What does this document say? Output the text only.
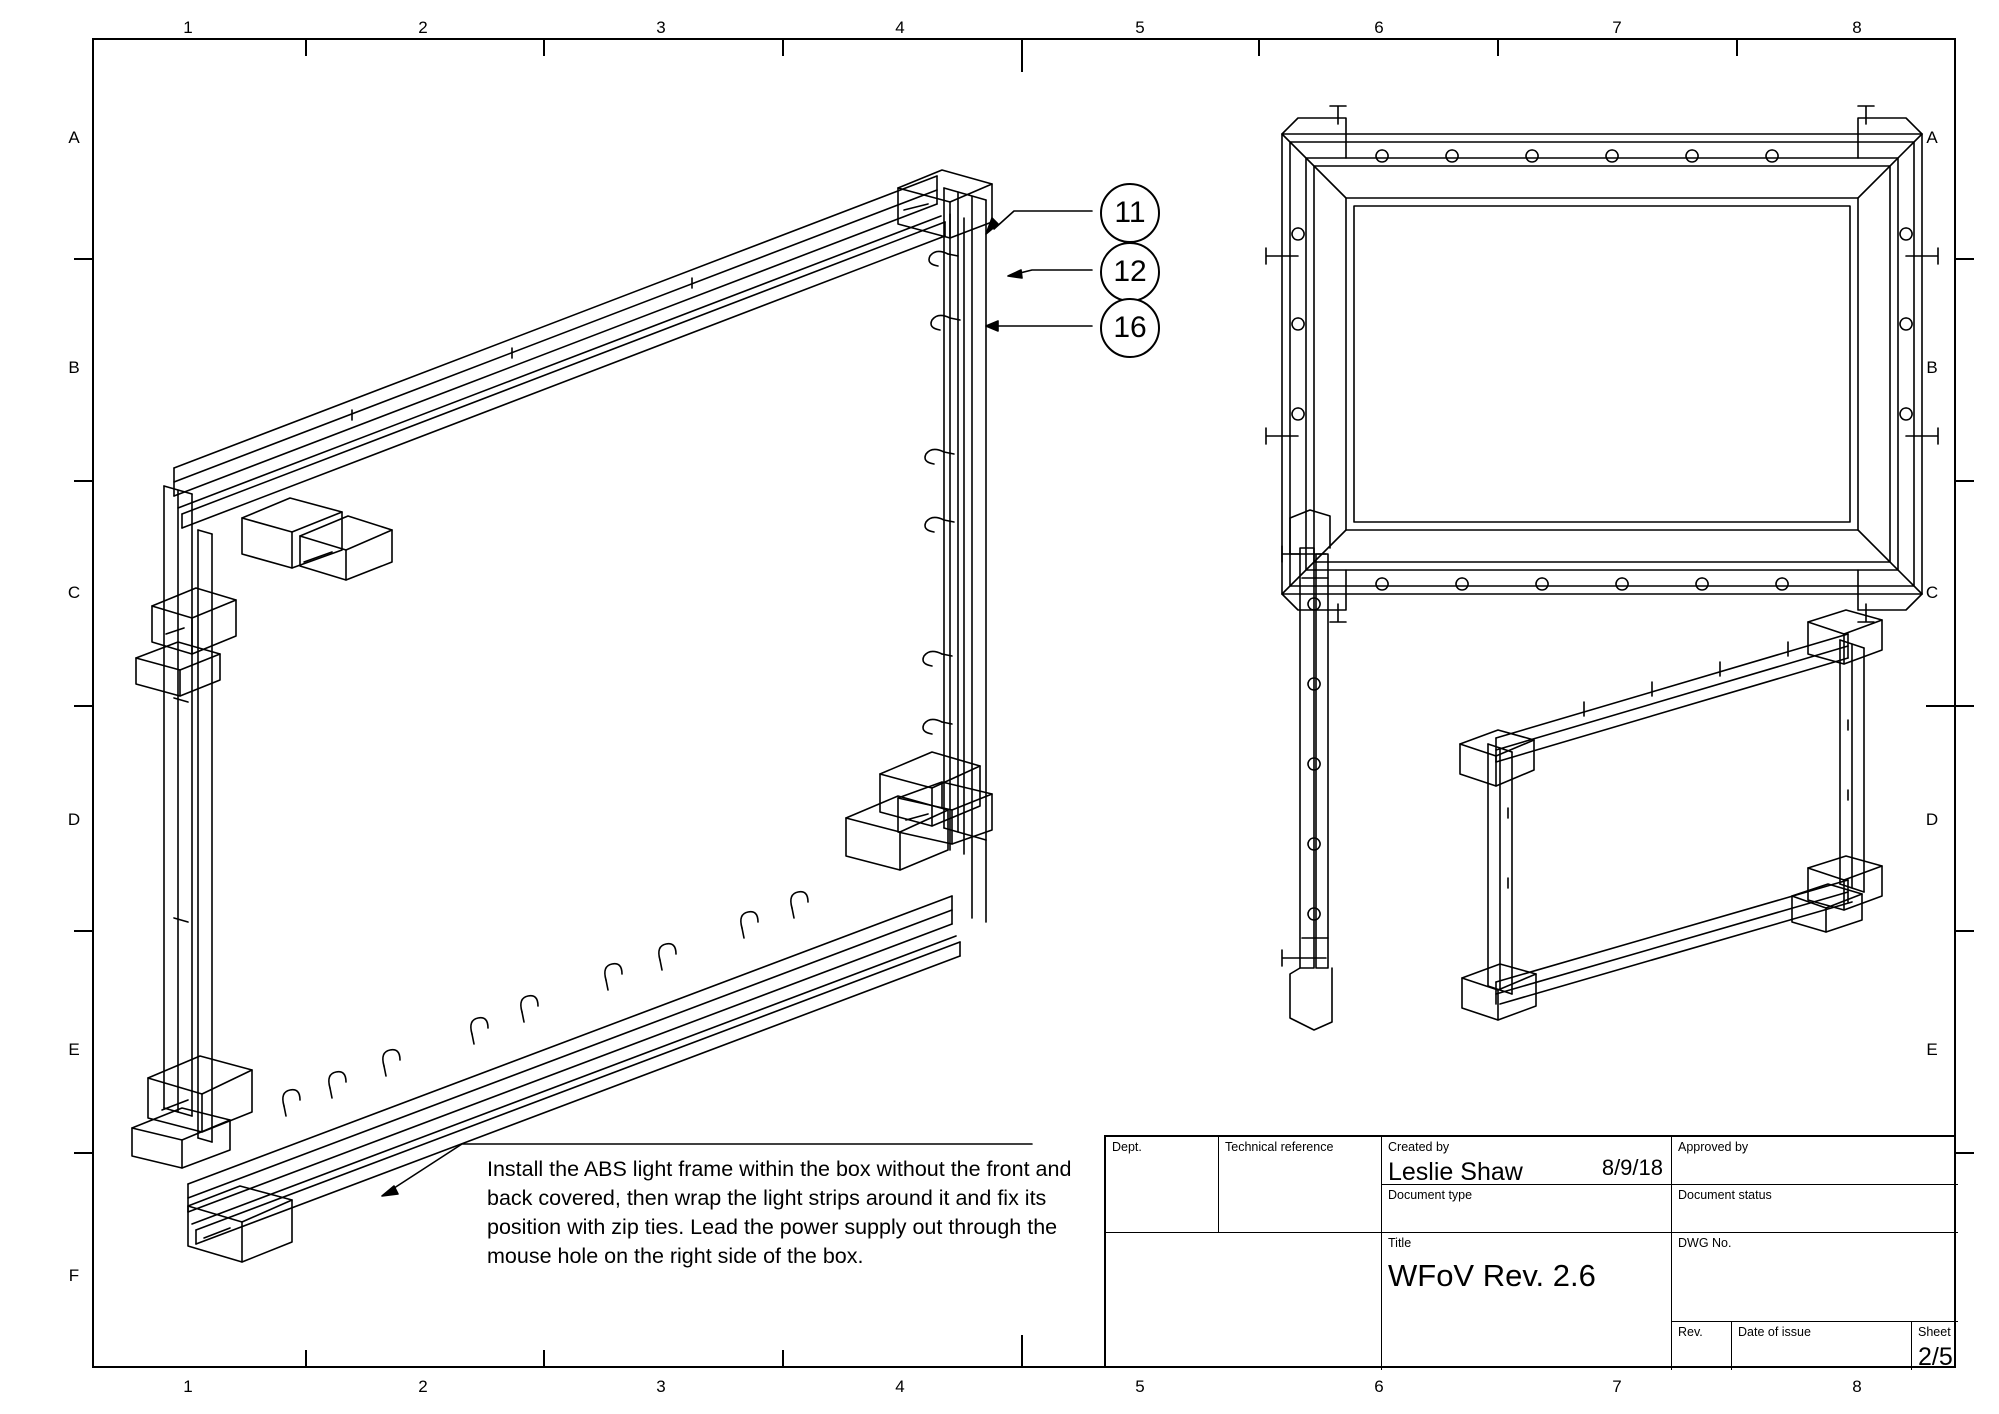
1	2	3	4	5	6	7	8
1	2	3	4	5	6	7	8
A
B
C
D
E
F
A
B
C
D
E
11
12
16
Install the ABS light frame within the box without the front and back covered, then wrap the light strips around it and fix its position with zip ties. Lead the power supply out through the mouse hole on the right side of the box.
Dept.	Technical reference	Created by
Leslie Shaw	8/9/18
Approved by
Document type	Document status
Title
WFoV Rev. 2.6
DWG No.
Rev.	Date of issue	Sheet
2/5
